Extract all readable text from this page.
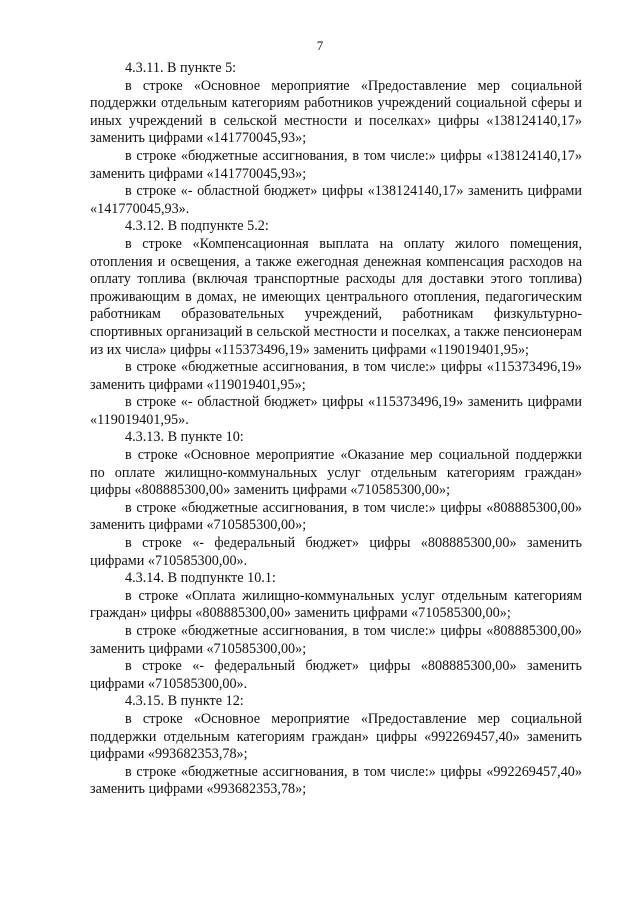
7

4.3.11. В пункте 5:

в строке «Основное мероприятие «Предоставление мер социальной поддержки отдельным категориям работников учреждений социальной сферы и иных учреждений в сельской местности и поселках» цифры «138124140,17» заменить цифрами «141770045,93»;

в строке «бюджетные ассигнования, в том числе:» цифры «138124140,17» заменить цифрами «141770045,93»;

в строке «- областной бюджет» цифры «138124140,17» заменить цифрами «141770045,93».

4.3.12. В подпункте 5.2:

в строке «Компенсационная выплата на оплату жилого помещения, отопления и освещения, а также ежегодная денежная компенсация расходов на оплату топлива (включая транспортные расходы для доставки этого топлива) проживающим в домах, не имеющих центрального отопления, педагогическим работникам образовательных учреждений, работникам физкультурно-спортивных организаций в сельской местности и поселках, а также пенсионерам из их числа» цифры «115373496,19» заменить цифрами «119019401,95»;

в строке «бюджетные ассигнования, в том числе:» цифры «115373496,19» заменить цифрами «119019401,95»;

в строке «- областной бюджет» цифры «115373496,19» заменить цифрами «119019401,95».

4.3.13. В пункте 10:

в строке «Основное мероприятие «Оказание мер социальной поддержки по оплате жилищно-коммунальных услуг отдельным категориям граждан» цифры «808885300,00» заменить цифрами «710585300,00»;

в строке «бюджетные ассигнования, в том числе:» цифры «808885300,00» заменить цифрами «710585300,00»;

в строке «- федеральный бюджет» цифры «808885300,00» заменить цифрами «710585300,00».

4.3.14. В подпункте 10.1:

в строке «Оплата жилищно-коммунальных услуг отдельным категориям граждан» цифры «808885300,00» заменить цифрами «710585300,00»;

в строке «бюджетные ассигнования, в том числе:» цифры «808885300,00» заменить цифрами «710585300,00»;

в строке «- федеральный бюджет» цифры «808885300,00» заменить цифрами «710585300,00».

4.3.15. В пункте 12:

в строке «Основное мероприятие «Предоставление мер социальной поддержки отдельным категориям граждан» цифры «992269457,40» заменить цифрами «993682353,78»;

в строке «бюджетные ассигнования, в том числе:» цифры «992269457,40» заменить цифрами «993682353,78»;
